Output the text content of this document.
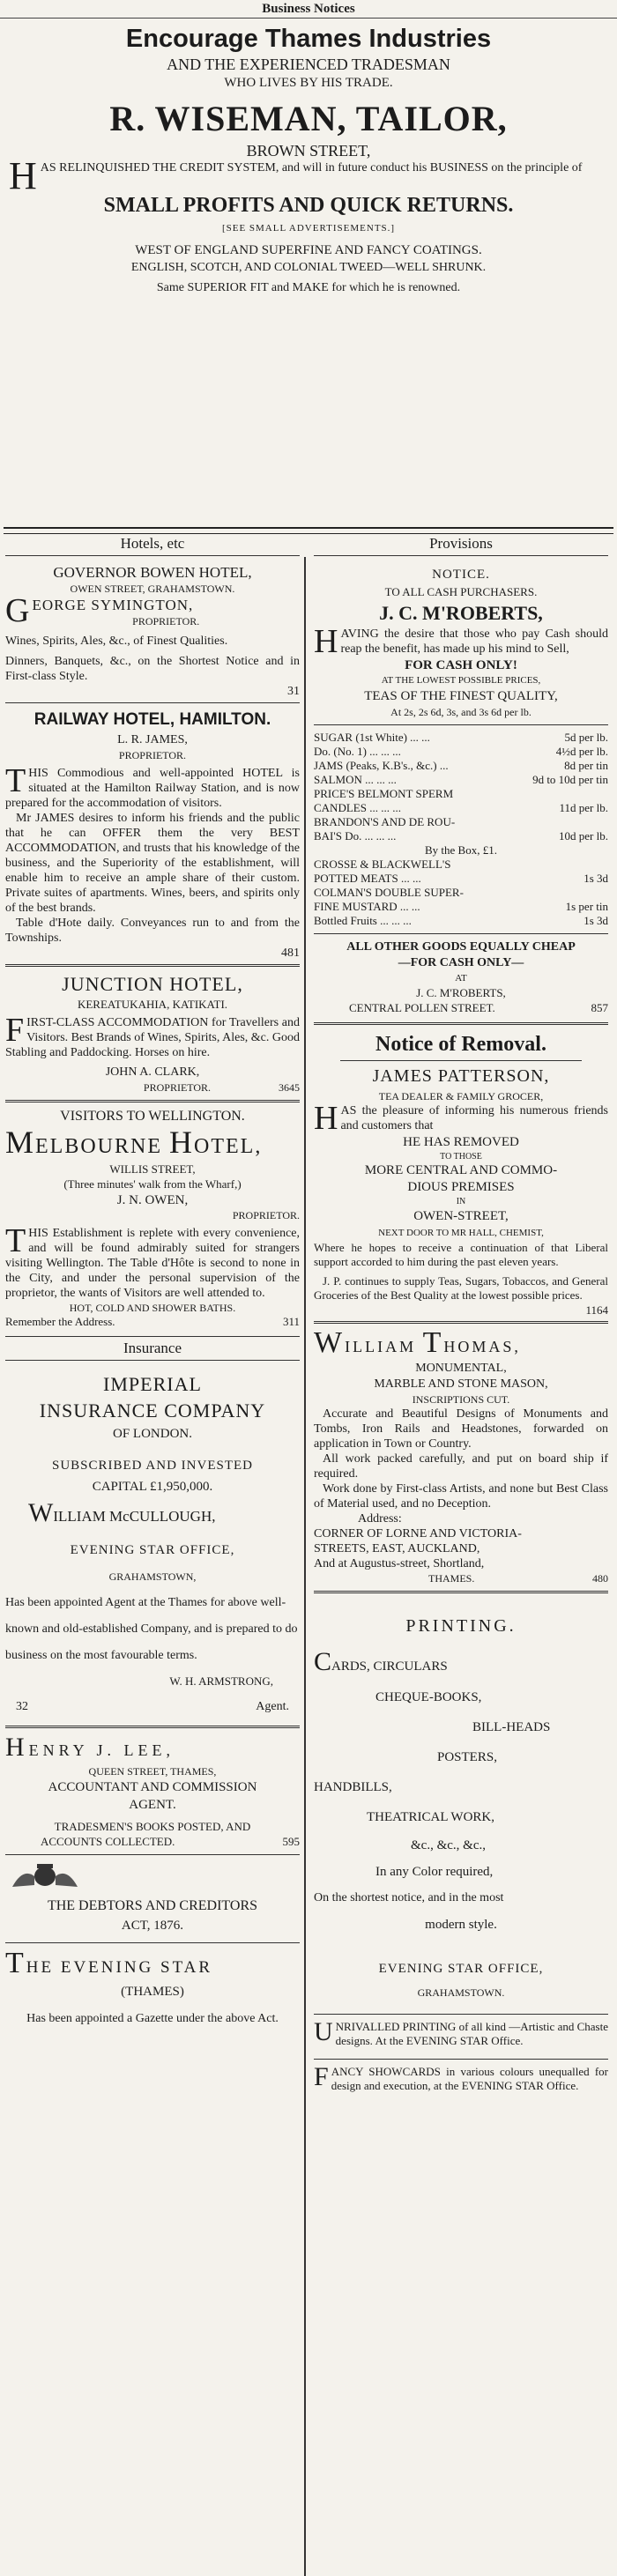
Business Notices
Encourage Thames Industries
AND THE EXPERIENCED TRADESMAN
WHO LIVES BY HIS TRADE.
R. WISEMAN, TAILOR,
BROWN STREET,
H AS RELINQUISHED THE CREDIT SYSTEM, and will in future conduct his BUSINESS on the principle of
SMALL PROFITS AND QUICK RETURNS.
[SEE SMALL ADVERTISEMENTS.]
WEST OF ENGLAND SUPERFINE AND FANCY COATINGS.
ENGLISH, SCOTCH, AND COLONIAL TWEED—WELL SHRUNK.
Same SUPERIOR FIT and MAKE for which he is renowned.
Hotels, etc
GOVERNOR BOWEN HOTEL,
OWEN STREET, GRAHAMSTOWN.
G EORGE SYMINGTON,
PROPRIETOR.
Wines, Spirits, Ales, &c., of Finest Qualities.
Dinners, Banquets, &c., on the Shortest Notice and in First-class Style.
31
RAILWAY HOTEL, HAMILTON.
L. R. JAMES,
PROPRIETOR.
T HIS Commodious and well-appointed HOTEL is situated at the Hamilton Railway Station, and is now prepared for the accommodation of visitors.
Mr JAMES desires to inform his friends and the public that he can OFFER them the very BEST ACCOMMODATION, and trusts that his knowledge of the business, and the Superiority of the establishment, will enable him to receive an ample share of their custom. Private suites of apartments. Wines, beers, and spirits only of the best brands.
Table d'Hote daily. Conveyances run to and from the Townships.
481
JUNCTION HOTEL,
KEREATUKAHIA, KATIKATI.
F IRST-CLASS ACCOMMODATION for Travellers and Visitors. Best Brands of Wines, Spirits, Ales, &c. Good Stabling and Paddocking. Horses on hire.
JOHN A. CLARK,
PROPRIETOR.	3645
VISITORS TO WELLINGTON.
MELBOURNE HOTEL,
WILLIS STREET,
(Three minutes' walk from the Wharf,)
J. N. OWEN,
PROPRIETOR.
T HIS Establishment is replete with every convenience, and will be found admirably suited for strangers visiting Wellington. The Table d'Hôte is second to none in the City, and under the personal supervision of the proprietor, the wants of Visitors are well attended to.
HOT, COLD AND SHOWER BATHS.
Remember the Address.	311
Insurance
IMPERIAL
INSURANCE COMPANY
OF LONDON.
SUBSCRIBED AND INVESTED
CAPITAL £1,950,000.
WILLIAM McCULLOUGH,
EVENING STAR OFFICE,
GRAHAMSTOWN,
Has been appointed Agent at the Thames for above well-known and old-established Company, and is prepared to do business on the most favourable terms.
W. H. ARMSTRONG,
32	Agent.
HENRY J. LEE,
QUEEN STREET, THAMES,
ACCOUNTANT AND COMMISSION
AGENT.
TRADESMEN'S BOOKS POSTED, AND
ACCOUNTS COLLECTED.	595
THE DEBTORS AND CREDITORS
ACT, 1876.
THE EVENING STAR
(THAMES)
Has been appointed a Gazette under the above Act.
Provisions
NOTICE.
TO ALL CASH PURCHASERS.
J. C. M'ROBERTS,
H AVING the desire that those who pay Cash should reap the benefit, has made up his mind to Sell,
FOR CASH ONLY!
AT THE LOWEST POSSIBLE PRICES,
TEAS OF THE FINEST QUALITY,
At 2s, 2s 6d, 3s, and 3s 6d per lb.
SUGAR (1st White) ... ...	5d per lb.
Do. (No. 1) ... ... ...	4½d per lb.
JAMS (Peaks, K.B's., &c.) ...	8d per tin
SALMON ... ... ...	9d to 10d per tin
PRICE'S BELMONT SPERM
CANDLES ... ... ...	11d per lb.
BRANDON'S AND DE ROU-
BAI'S Do. ... ... ...	10d per lb.
By the Box, £1.
CROSSE & BLACKWELL'S
POTTED MEATS ... ...	1s 3d
COLMAN'S DOUBLE SUPER-
FINE MUSTARD ... ...	1s per tin
Bottled Fruits ... ... ...	1s 3d
ALL OTHER GOODS EQUALLY CHEAP
—FOR CASH ONLY—
AT
J. C. M'ROBERTS,
CENTRAL POLLEN STREET.	857
Notice of Removal.
JAMES PATTERSON,
TEA DEALER & FAMILY GROCER,
H AS the pleasure of informing his numerous friends and customers that
HE HAS REMOVED
TO THOSE
MORE CENTRAL AND COMMO-
DIOUS PREMISES
IN
OWEN-STREET,
NEXT DOOR TO MR HALL, CHEMIST,
Where he hopes to receive a continuation of that Liberal support accorded to him during the past eleven years.
J. P. continues to supply Teas, Sugars, Tobaccos, and General Groceries of the Best Quality at the lowest possible prices.
1164
WILLIAM THOMAS,
MONUMENTAL,
MARBLE AND STONE MASON,
INSCRIPTIONS CUT.
Accurate and Beautiful Designs of Monuments and Tombs, Iron Rails and Headstones, forwarded on application in Town or Country.
All work packed carefully, and put on board ship if required.
Work done by First-class Artists, and none but Best Class of Material used, and no Deception.
Address:
CORNER OF LORNE AND VICTORIA-
STREETS, EAST, AUCKLAND,
And at Augustus-street, Shortland,
THAMES.	480
PRINTING.
CARDS, CIRCULARS
CHEQUE-BOOKS,
BILL-HEADS
POSTERS,
HANDBILLS,
THEATRICAL WORK,
&c., &c., &c.,
In any Color required,
On the shortest notice, and in the most
modern style.
EVENING STAR OFFICE,
GRAHAMSTOWN.
U NRIVALLED PRINTING of all kind —Artistic and Chaste designs. At the EVENING STAR Office.
F ANCY SHOWCARDS in various colours unequalled for design and execution, at the EVENING STAR Office.
